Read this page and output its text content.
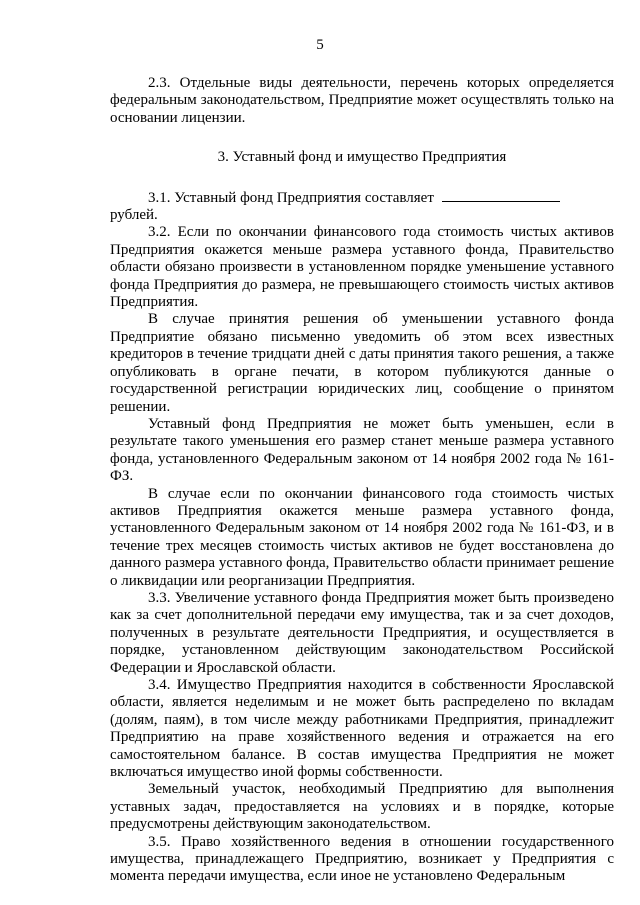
5

2.3. Отдельные виды деятельности, перечень которых определяется федеральным законодательством, Предприятие может осуществлять только на основании лицензии.

3. Уставный фонд и имущество Предприятия

3.1. Уставный фонд Предприятия составляетрублей.

3.2. Если по окончании финансового года стоимость чистых активов Предприятия окажется меньше размера уставного фонда, Правительство области обязано произвести в установленном порядке уменьшение уставного фонда Предприятия до размера, не превышающего стоимость чистых активов Предприятия.

В случае принятия решения об уменьшении уставного фонда Предприятие обязано письменно уведомить об этом всех известных кредиторов в течение тридцати дней с даты принятия такого решения, а также опубликовать в органе печати, в котором публикуются данные о государственной регистрации юридических лиц, сообщение о принятом решении.

Уставный фонд Предприятия не может быть уменьшен, если в результате такого уменьшения его размер станет меньше размера уставного фонда, установленного Федеральным законом от 14 ноября 2002 года № 161-ФЗ.

В случае если по окончании финансового года стоимость чистых активов Предприятия окажется меньше размера уставного фонда, установленного Федеральным законом от 14 ноября 2002 года № 161-ФЗ, и в течение трех месяцев стоимость чистых активов не будет восстановлена до данного размера уставного фонда, Правительство области принимает решение о ликвидации или реорганизации Предприятия.

3.3. Увеличение уставного фонда Предприятия может быть произведено как за счет дополнительной передачи ему имущества, так и за счет доходов, полученных в результате деятельности Предприятия, и осуществляется в порядке, установленном действующим законодательством Российской Федерации и Ярославской области.

3.4. Имущество Предприятия находится в собственности Ярославской области, является неделимым и не может быть распределено по вкладам (долям, паям), в том числе между работниками Предприятия, принадлежит Предприятию на праве хозяйственного ведения и отражается на его самостоятельном балансе. В состав имущества Предприятия не может включаться имущество иной формы собственности.

Земельный участок, необходимый Предприятию для выполнения уставных задач, предоставляется на условиях и в порядке, которые предусмотрены действующим законодательством.

3.5. Право хозяйственного ведения в отношении государственного имущества, принадлежащего Предприятию, возникает у Предприятия с момента передачи имущества, если иное не установлено Федеральным
